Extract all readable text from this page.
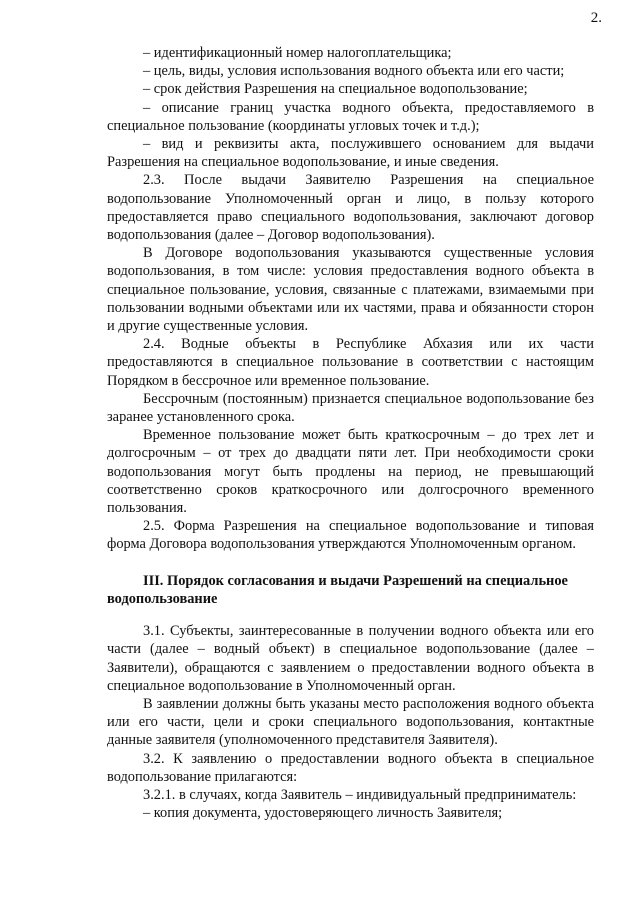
2.

– идентификационный номер налогоплательщика;

– цель, виды, условия использования водного объекта или его части;

– срок действия Разрешения на специальное водопользование;

– описание границ участка водного объекта, предоставляемого в специальное пользование (координаты угловых точек и т.д.);

– вид и реквизиты акта, послужившего основанием для выдачи Разрешения на специальное водопользование, и иные сведения.

2.3. После выдачи Заявителю Разрешения на специальное водопользование Уполномоченный орган и лицо, в пользу которого предоставляется право специального водопользования, заключают договор водопользования (далее – Договор водопользования).

В Договоре водопользования указываются существенные условия водопользования, в том числе: условия предоставления водного объекта в специальное пользование, условия, связанные с платежами, взимаемыми при пользовании водными объектами или их частями, права и обязанности сторон и другие существенные условия.

2.4. Водные объекты в Республике Абхазия или их части предоставляются в специальное пользование в соответствии с настоящим Порядком в бессрочное или временное пользование.

Бессрочным (постоянным) признается специальное водопользование без заранее установленного срока.

Временное пользование может быть краткосрочным – до трех лет и долгосрочным – от трех до двадцати пяти лет. При необходимости сроки водопользования могут быть продлены на период, не превышающий соответственно сроков краткосрочного или долгосрочного временного пользования.

2.5. Форма Разрешения на специальное водопользование и типовая форма Договора водопользования утверждаются Уполномоченным органом.

III. Порядок согласования и выдачи Разрешений на специальное водопользование

3.1. Субъекты, заинтересованные в получении водного объекта или его части (далее – водный объект) в специальное водопользование (далее – Заявители), обращаются с заявлением о предоставлении водного объекта в специальное водопользование в Уполномоченный орган.

В заявлении должны быть указаны место расположения водного объекта или его части, цели и сроки специального водопользования, контактные данные заявителя (уполномоченного представителя Заявителя).

3.2. К заявлению о предоставлении водного объекта в специальное водопользование прилагаются:

3.2.1. в случаях, когда Заявитель – индивидуальный предприниматель:

– копия документа, удостоверяющего личность Заявителя;
